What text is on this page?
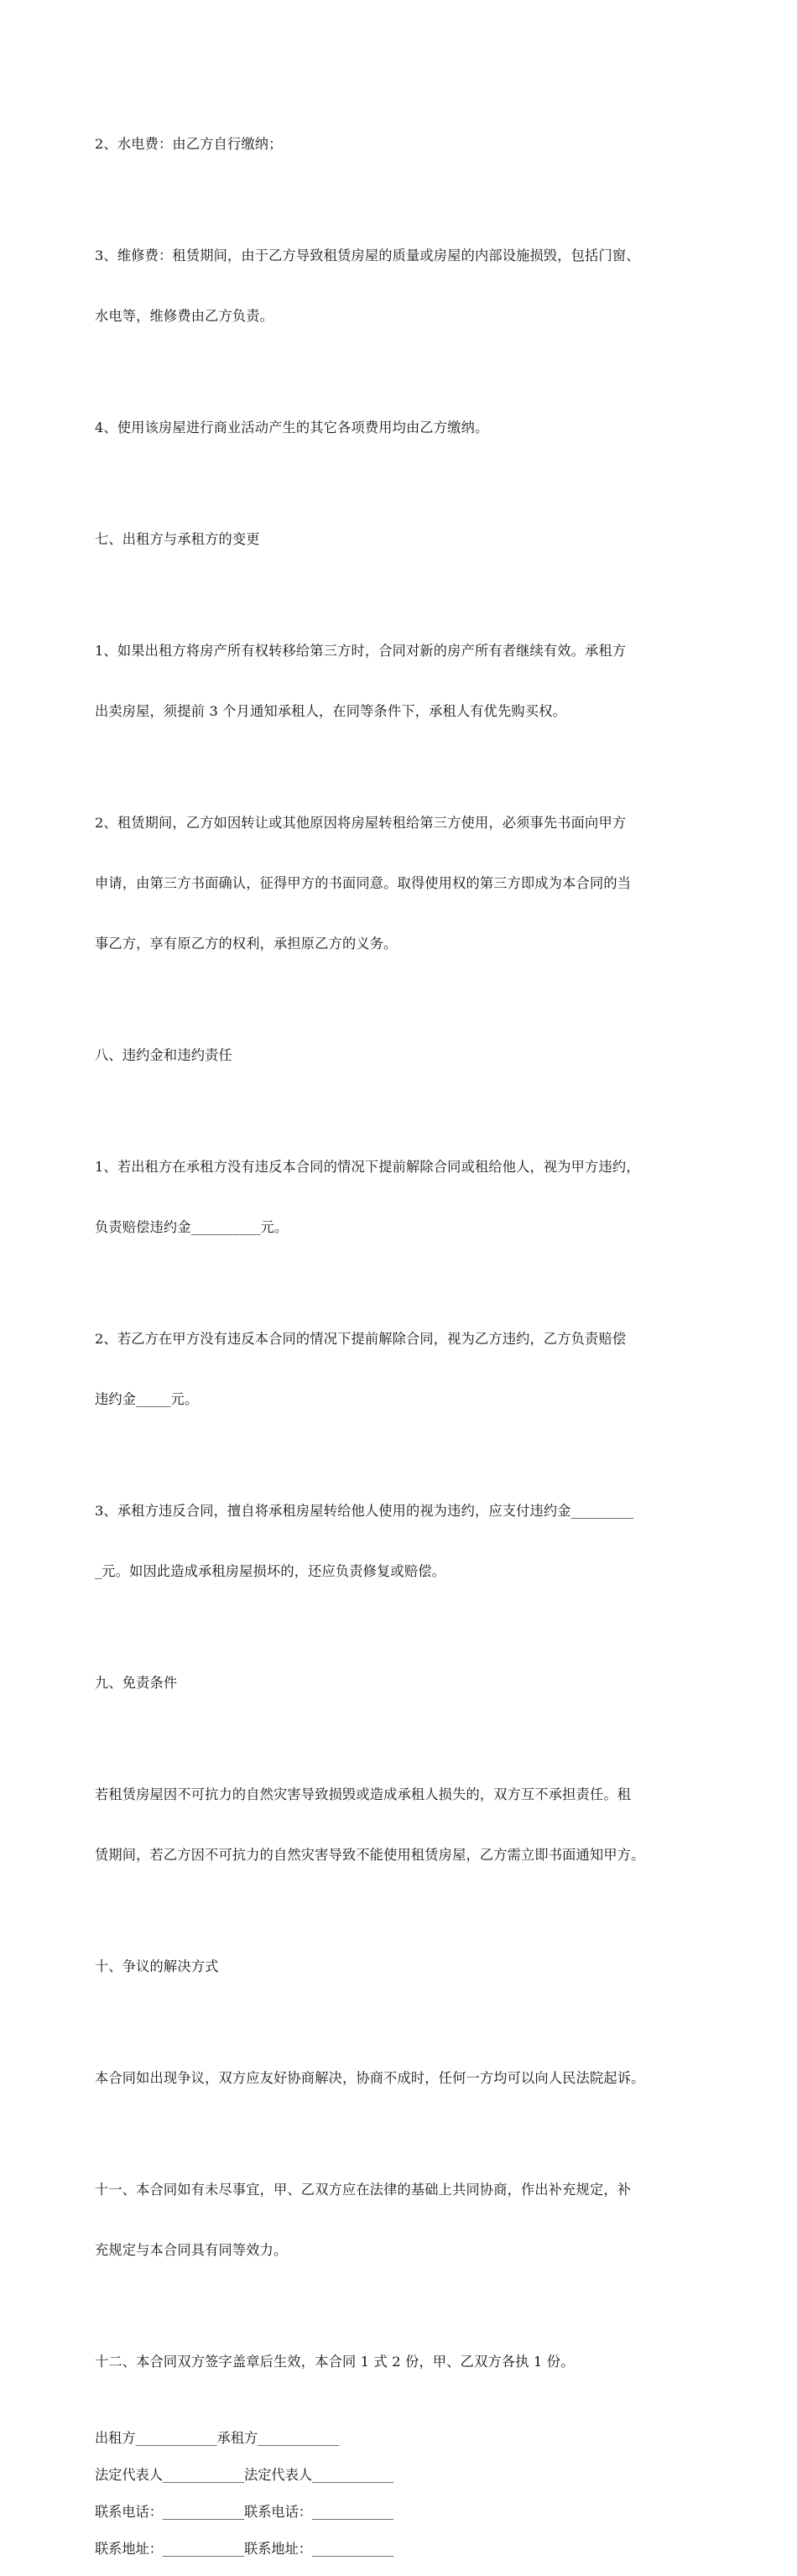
2、水电费：由乙方自行缴纳；

3、维修费：租赁期间，由于乙方导致租赁房屋的质量或房屋的内部设施损毁，包括门窗、

水电等，维修费由乙方负责。

4、使用该房屋进行商业活动产生的其它各项费用均由乙方缴纳。

七、出租方与承租方的变更

1、如果出租方将房产所有权转移给第三方时，合同对新的房产所有者继续有效。承租方

出卖房屋，须提前 3 个月通知承租人，在同等条件下，承租人有优先购买权。

2、租赁期间，乙方如因转让或其他原因将房屋转租给第三方使用，必须事先书面向甲方

申请，由第三方书面确认，征得甲方的书面同意。取得使用权的第三方即成为本合同的当

事乙方，享有原乙方的权利，承担原乙方的义务。

八、违约金和违约责任

1、若出租方在承租方没有违反本合同的情况下提前解除合同或租给他人，视为甲方违约，

负责赔偿违约金__________元。

2、若乙方在甲方没有违反本合同的情况下提前解除合同，视为乙方违约，乙方负责赔偿

违约金_____元。

3、承租方违反合同，擅自将承租房屋转给他人使用的视为违约，应支付违约金_________

_元。如因此造成承租房屋损坏的，还应负责修复或赔偿。

九、免责条件

若租赁房屋因不可抗力的自然灾害导致损毁或造成承租人损失的，双方互不承担责任。租

赁期间，若乙方因不可抗力的自然灾害导致不能使用租赁房屋，乙方需立即书面通知甲方。

十、争议的解决方式

本合同如出现争议，双方应友好协商解决，协商不成时，任何一方均可以向人民法院起诉。

十一、本合同如有未尽事宜，甲、乙双方应在法律的基础上共同协商，作出补充规定，补

充规定与本合同具有同等效力。

十二、本合同双方签字盖章后生效，本合同 1 式 2 份，甲、乙双方各执 1 份。

出租方____________承租方____________
法定代表人____________法定代表人____________
联系电话：____________联系电话：____________
联系地址：____________联系地址：____________
